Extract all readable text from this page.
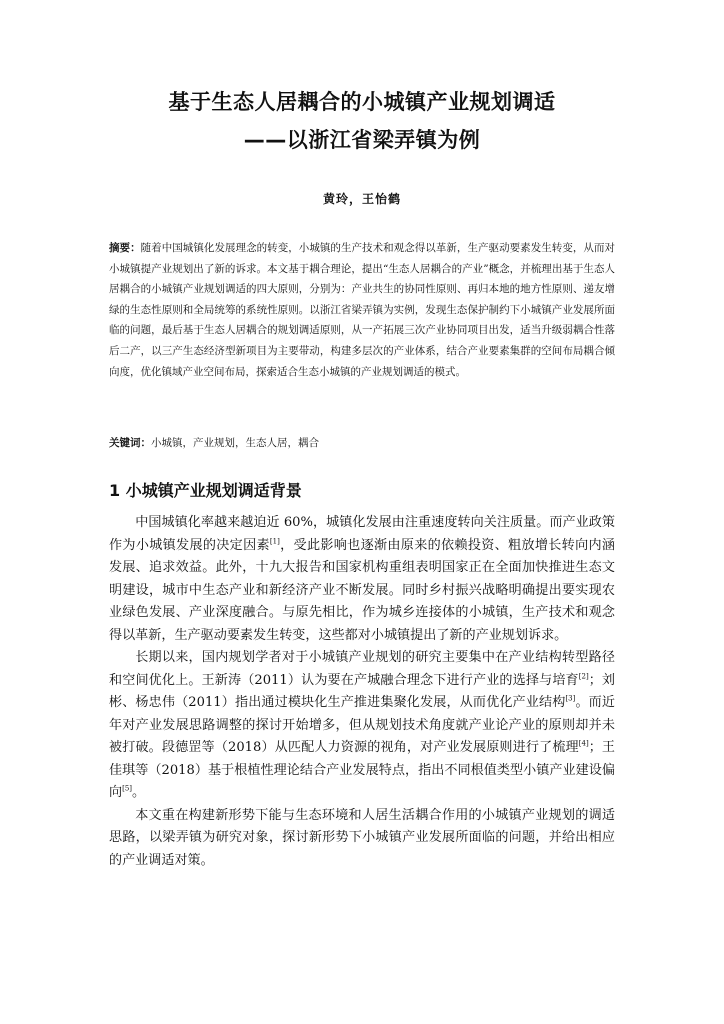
基于生态人居耦合的小城镇产业规划调适
——以浙江省梁弄镇为例
黄玲，王怡鹤
摘要：随着中国城镇化发展理念的转变，小城镇的生产技术和观念得以革新，生产驱动要素发生转变，从而对小城镇提产业规划出了新的诉求。本文基于耦合理论，提出“生态人居耦合的产业”概念，并梳理出基于生态人居耦合的小城镇产业规划调适的四大原则，分别为：产业共生的协同性原则、再归本地的地方性原则、递友增绿的生态性原则和全局统筹的系统性原则。以浙江省梁弄镇为实例，发现生态保护制约下小城镇产业发展所面临的问题，最后基于生态人居耦合的规划调适原则，从一产拓展三次产业协同项目出发，适当升级弱耦合性落后二产，以三产生态经济型新项目为主要带动，构建多层次的产业体系，结合产业要素集群的空间布局耦合倾向度，优化镇域产业空间布局，探索适合生态小城镇的产业规划调适的模式。
关键词：小城镇，产业规划，生态人居，耦合
1 小城镇产业规划调适背景

中国城镇化率越来越迫近 60%，城镇化发展由注重速度转向关注质量。而产业政策作为小城镇发展的决定因素[1]，受此影响也逐渐由原来的依赖投资、粗放增长转向内涵发展、追求效益。此外，十九大报告和国家机构重组表明国家正在全面加快推进生态文明建设，城市中生态产业和新经济产业不断发展。同时乡村振兴战略明确提出要实现农业绿色发展、产业深度融合。与原先相比，作为城乡连接体的小城镇，生产技术和观念得以革新，生产驱动要素发生转变，这些都对小城镇提出了新的产业规划诉求。

长期以来，国内规划学者对于小城镇产业规划的研究主要集中在产业结构转型路径和空间优化上。王新涛（2011）认为要在产城融合理念下进行产业的选择与培育[2]；刘彬、杨忠伟（2011）指出通过模块化生产推进集聚化发展，从而优化产业结构[3]。而近年对产业发展思路调整的探讨开始增多，但从规划技术角度就产业论产业的原则却并未被打破。段德罡等（2018）从匹配人力资源的视角，对产业发展原则进行了梳理[4]；王佳琪等（2018）基于根植性理论结合产业发展特点，指出不同根值类型小镇产业建设偏向[5]。

本文重在构建新形势下能与生态环境和人居生活耦合作用的小城镇产业规划的调适思路，以梁弄镇为研究对象，探讨新形势下小城镇产业发展所面临的问题，并给出相应的产业调适对策。
